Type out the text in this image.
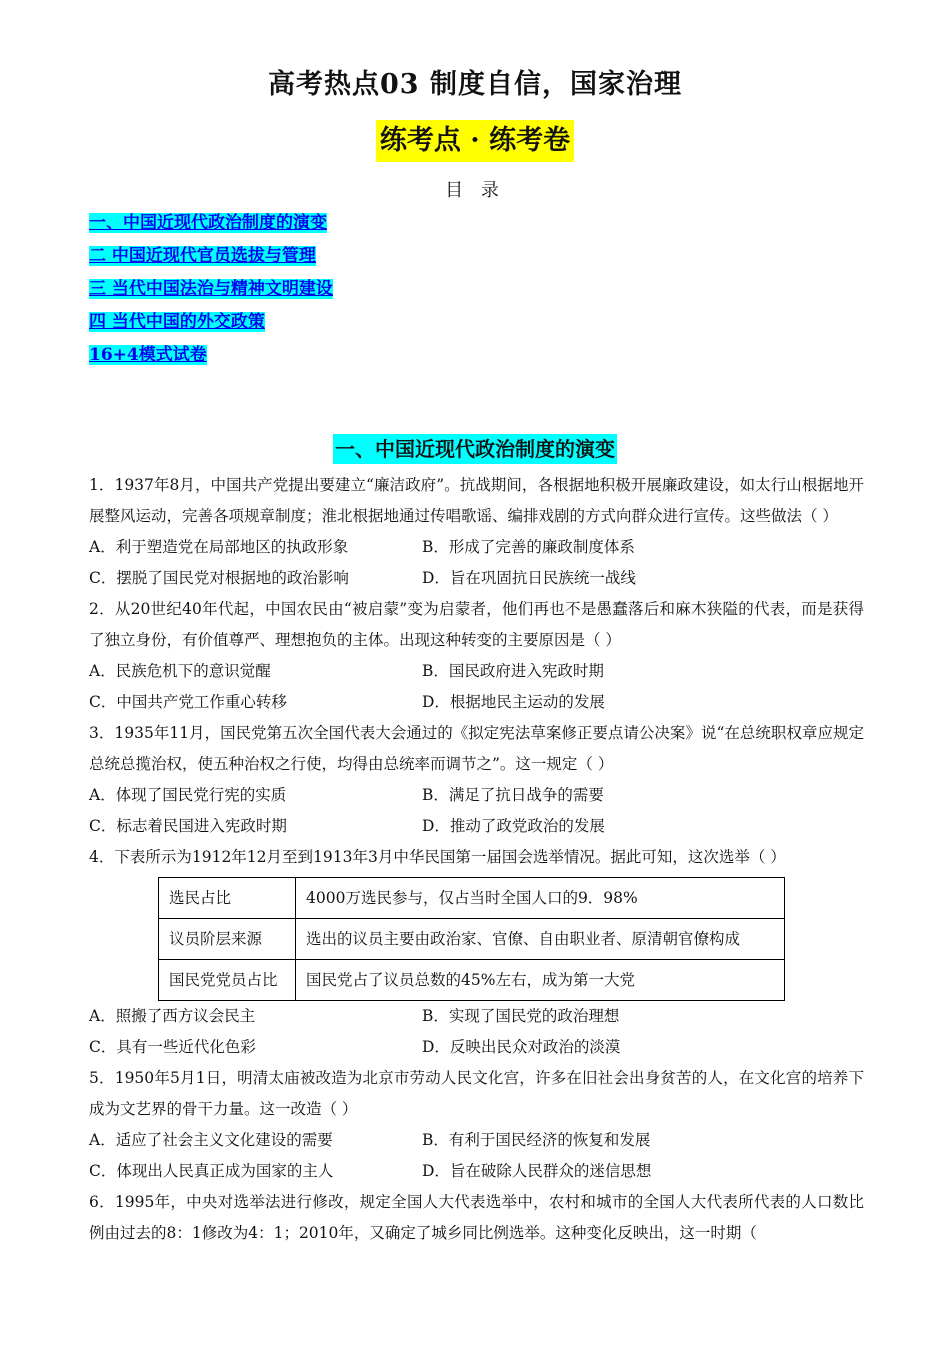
高考热点03 制度自信，国家治理
练考点 · 练考卷
目 录
一、中国近现代政治制度的演变
二 中国近现代官员选拔与管理
三 当代中国法治与精神文明建设
四 当代中国的外交政策
16+4模式试卷
一、中国近现代政治制度的演变

1．1937年8月，中国共产党提出要建立“廉洁政府”。抗战期间，各根据地积极开展廉政建设，如太行山根据地开展整风运动，完善各项规章制度；淮北根据地通过传唱歌谣、编排戏剧的方式向群众进行宣传。这些做法（ ）

A．利于塑造党在局部地区的执政形象	B．形成了完善的廉政制度体系
C．摆脱了国民党对根据地的政治影响	D．旨在巩固抗日民族统一战线

2．从20世纪40年代起，中国农民由“被启蒙”变为启蒙者，他们再也不是愚蠢落后和麻木狭隘的代表，而是获得了独立身份，有价值尊严、理想抱负的主体。出现这种转变的主要原因是（ ）

A．民族危机下的意识觉醒	B．国民政府进入宪政时期
C．中国共产党工作重心转移	D．根据地民主运动的发展

3．1935年11月，国民党第五次全国代表大会通过的《拟定宪法草案修正要点请公决案》说“在总统职权章应规定总统总揽治权，使五种治权之行使，均得由总统率而调节之”。这一规定（ ）

A．体现了国民党行宪的实质	B．满足了抗日战争的需要
C．标志着民国进入宪政时期	D．推动了政党政治的发展

4．下表所示为1912年12月至到1913年3月中华民国第一届国会选举情况。据此可知，这次选举（ ）

选民占比	4000万选民参与，仅占当时全国人口的9．98%
议员阶层来源	选出的议员主要由政治家、官僚、自由职业者、原清朝官僚构成
国民党党员占比	国民党占了议员总数的45%左右，成为第一大党
A．照搬了西方议会民主	B．实现了国民党的政治理想
C．具有一些近代化色彩	D．反映出民众对政治的淡漠

5．1950年5月1日，明清太庙被改造为北京市劳动人民文化宫，许多在旧社会出身贫苦的人，在文化宫的培养下成为文艺界的骨干力量。这一改造（ ）

A．适应了社会主义文化建设的需要	B．有利于国民经济的恢复和发展
C．体现出人民真正成为国家的主人	D．旨在破除人民群众的迷信思想

6．1995年，中央对选举法进行修改，规定全国人大代表选举中，农村和城市的全国人大代表所代表的人口数比例由过去的8：1修改为4：1；2010年，又确定了城乡同比例选举。这种变化反映出，这一时期（
